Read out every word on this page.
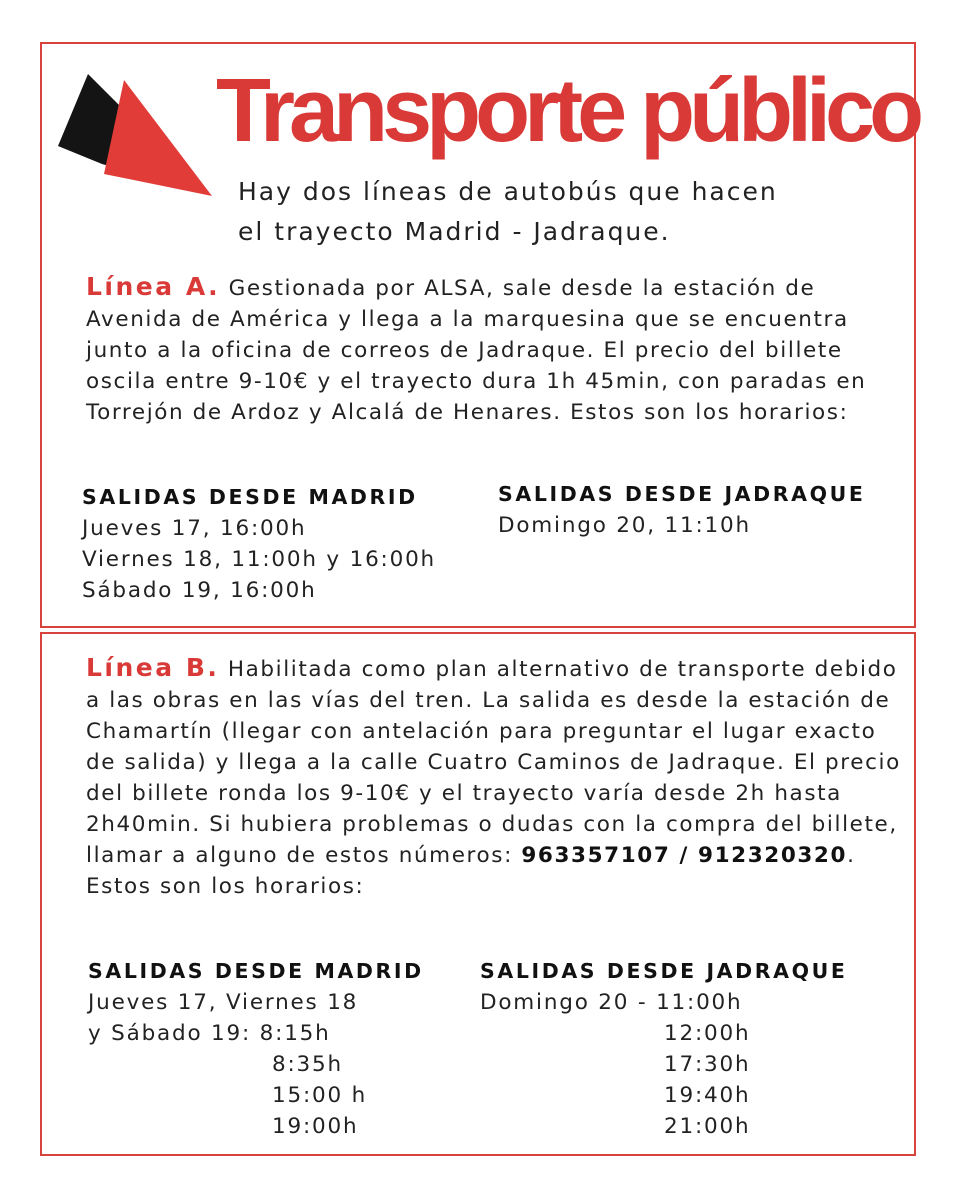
Transporte público
Hay dos líneas de autobús que hacen
el trayecto Madrid - Jadraque.
Línea A. Gestionada por ALSA, sale desde la estación de Avenida de América y llega a la marquesina que se encuentra junto a la oficina de correos de Jadraque. El precio del billete oscila entre 9-10€ y el trayecto dura 1h 45min, con paradas en Torrejón de Ardoz y Alcalá de Henares. Estos son los horarios:

SALIDAS DESDE MADRID

Jueves 17, 16:00h

Viernes 18, 11:00h y 16:00h

Sábado 19, 16:00h

SALIDAS DESDE JADRAQUE

Domingo 20, 11:10h

Línea B. Habilitada como plan alternativo de transporte debido a las obras en las vías del tren. La salida es desde la estación de Chamartín (llegar con antelación para preguntar el lugar exacto de salida) y llega a la calle Cuatro Caminos de Jadraque. El precio del billete ronda los 9-10€ y el trayecto varía desde 2h hasta 2h40min. Si hubiera problemas o dudas con la compra del billete, llamar a alguno de estos números: 963357107 / 912320320.
Estos son los horarios:

SALIDAS DESDE MADRID

Jueves 17, Viernes 18

y Sábado 19: 8:15h

8:35h

15:00 h

19:00h

SALIDAS DESDE JADRAQUE

Domingo 20 - 11:00h

12:00h

17:30h

19:40h

21:00h
